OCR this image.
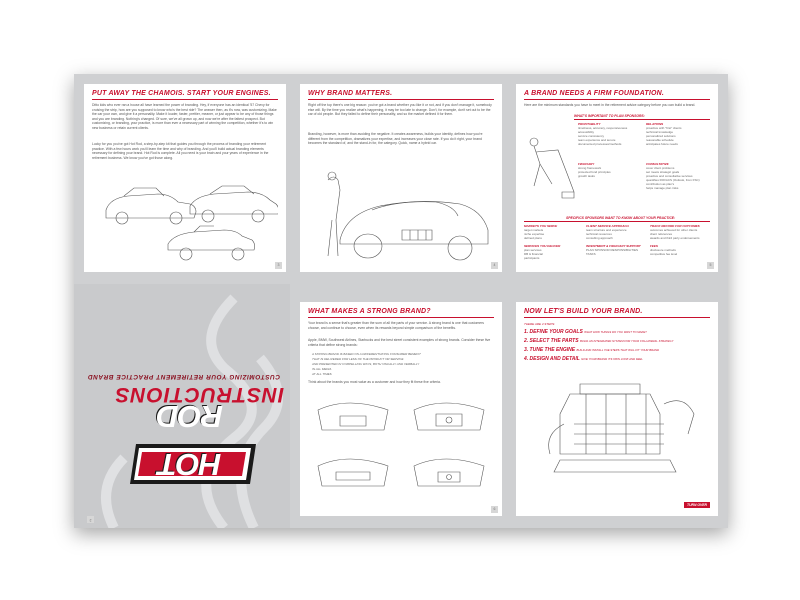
PUT AWAY THE CHAMOIS. START YOUR ENGINES.
Ditto kids who ever ran a house all have learned the power of branding. Hey, if everyone has an identical '57 Chevy for cruising the strip, how are you supposed to know who's the best ride? The answer then, as it's now, was customizing. Make the car your own, and give it a personality. Make it louder, faster, prettier, meaner, or just appear to be any of those things and you are branding. Nothing's changed. Of sure, we've all grown up, and now we're after the fattest prospect. But customizing, or branding, your practice, is more than ever a necessary part of winning the competition, whether it's to win new business or retain current clients.
Lucky for you you've got Hot Rod, a step-by-step kit that guides you through the process of branding your retirement practice. With a few hours work you'll learn the time and why of branding. And you'll build actual branding elements necessary for defining your brand. Hot Rod is complete. All you need is your brain and your years of experience in the retirement business. We know you've got those along.
3
WHY BRAND MATTERS.
Right off the top there's one big reason: you've got a brand whether you like it or not, and if you don't manage it, somebody else will. By the time you realize what's happening, it may be too late to change. Don't, for example, don't set out to be the car of old people. But they failed to define their personality, and so the market defined it for them.
Branding, however, is more than avoiding the negative. It creates awareness, builds your identity, defines how you're different from the competition, dramatizes your expertise, and increases your close rate. If you do it right, your brand becomes the standard of, and the stand-in for, the category. Quick, name a hybrid car.
4
A BRAND NEEDS A FIRM FOUNDATION.
Here are the minimum standards you have to meet in the retirement advice category before you can build a brand.
WHAT'S IMPORTANT TO PLAN SPONSORS:
PROFITABILITY
timeliness, accuracy, responsiveness
accessibility
service consistency
team experience and tenure
documented processes/methods
RELATIONS
proactive with "first" clients
technical knowledge
personalized solutions
reasonable schedule
anticipates future needs
FIDUCIARY
strong framework
protected fund principles
growth tasks
CONSULTATIVE
cover client problems
set meets strategic goals
proactive and consultative services
quantifies ROI/ACS (Outlook, from FSC)
contribution as plan's
helps manage plan risks
SPECIFICS SPONSORS WANT TO KNOW ABOUT YOUR PRACTICE:
MARKETS YOU SERVE
target markets
niche expertise
defined plans
CLIENT SERVICE APPROACH
team structure and experience
technical resources
consulting approach
TRACK RECORD FOR OUTCOMES
outcomes achieved for other clients
client references
awards and third party endorsements
SERVICES YOU DELIVER
plan services
DB & financial
participants
INVESTMENT & FIDUCIARY SUPPORT
PLAN SPONSOR RESPONSIBILITIES TASKS
FEES
disclosure methods
competitive fee level
5
HOT ROD
INSTRUCTIONS
CUSTOMIZING YOUR RETIREMENT PRACTICE BRAND
2
WHAT MAKES A STRONG BRAND?
Your brand is a sense that's greater than the sum of all the parts of your service. A strong brand is one that customers choose, and continue to choose, even when its rewards beyond simple comparison of the benefits.
Apple, BMW, Southwest Airlines, Starbucks and the best street consistent examples of strong brands. Consider these five criteria that define strong brands:
A STRONG BRAND IS BASED ON A DIFFERENTIATING CONSUMER BENEFIT
THAT IS DELIVERED FOR LESS OF THE PRODUCT OR SERVICE
AND PRESENTED IN COMPELLING WAYS, BOTH VISUALLY AND VERBALLY
IN ALL MEDIA
AT ALL TIMES
Think about the brands you most value as a customer and how they fit these five criteria.
6
NOW LET'S BUILD YOUR BRAND.
THERE ARE 4 STEPS:
1. DEFINE YOUR GOALS WHAT HOW THINGS DO YOU WANT TO MAKE?
2. SELECT THE PARTS BUILD AN INTEGRATED SYSTEM FOR YOUR COLLATERAL STRATEGY
3. TUNE THE ENGINE BUILD AND INSTALL THE STEPS THAT WILL FIT YOUR BRAND
4. DESIGN AND DETAIL GIVE YOUR BRAND ITS OWN LOOK AND FEEL
TURN OVER
